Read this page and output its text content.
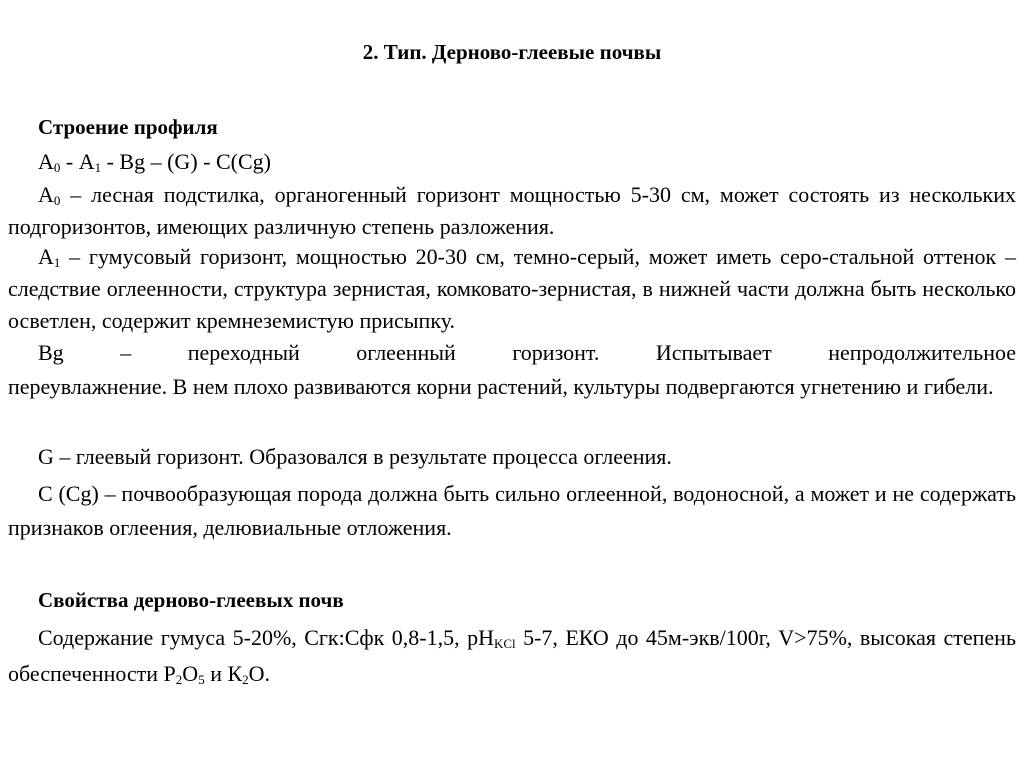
2. Тип. Дерново-глеевые почвы
Строение профиля

$А_0 - А_1$ - Bg – (G) - C(Cg)

$А_0$ – лесная подстилка, органогенный горизонт мощностью 5-30 см, может состоять из нескольких подгоризонтов, имеющих различную степень разложения.

$А_1$ – гумусовый горизонт, мощностью 20-30 см, темно-серый, может иметь серо-стальной оттенок – следствие оглеенности, структура зернистая, комковато-зернистая, в нижней части должна быть несколько осветлен, содержит кремнеземистую присыпку.

Bg – переходный оглеенный горизонт. Испытывает непродолжительное

переувлажнение. В нем плохо развиваются корни растений, культуры подвергаются угнетению и гибели.

G – глеевый горизонт. Образовался в результате процесса оглеения.

С (Cg) – почвообразующая порода должна быть сильно оглеенной, водоносной, а может и не содержать признаков оглеения, делювиальные отложения.

Свойства дерново-глеевых почв

Содержание гумуса 5-20%, Сгк:Сфк 0,8-1,5, $рН_{KCl}$ 5-7, ЕКО до 45м-экв/100г, V>75%, высокая степень обеспеченности $Р_2О_5$ и $К_2О$.
